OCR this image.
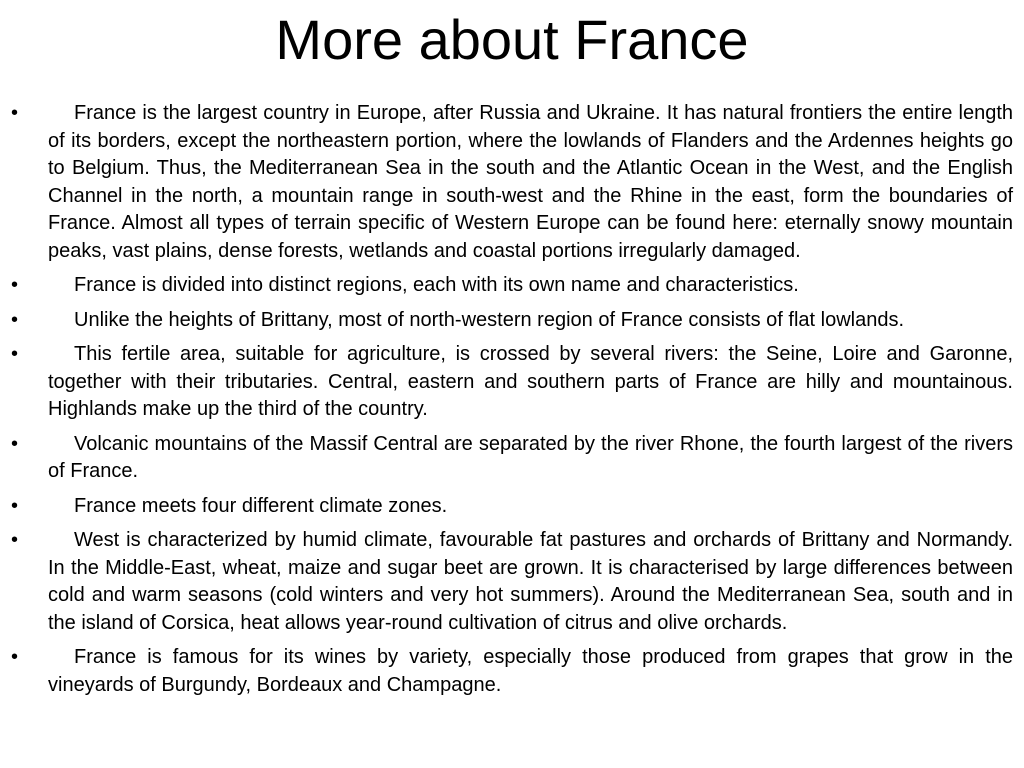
More about France
•	France is the largest country in Europe, after Russia and Ukraine. It has natural frontiers the entire length of its borders, except the northeastern portion, where the lowlands of Flanders and the Ardennes heights go to Belgium. Thus, the Mediterranean Sea in the south and the Atlantic Ocean in the West, and the English Channel in the north, a mountain range in south-west and the Rhine in the east, form the boundaries of France. Almost all types of terrain specific of Western Europe can be found here: eternally snowy mountain peaks, vast plains, dense forests, wetlands and coastal portions irregularly damaged.
•	France is divided into distinct regions, each with its own name and characteristics.
•	Unlike the heights of Brittany, most of north-western region of France consists of flat lowlands.
•	This fertile area, suitable for agriculture, is crossed by several rivers: the Seine, Loire and Garonne, together with their tributaries. Central, eastern and southern parts of France are hilly and mountainous. Highlands make up the third of the country.
•	Volcanic mountains of the Massif Central are separated by the river Rhone, the fourth largest of the rivers of France.
•	France meets four different climate zones.
•	West is characterized by humid climate, favourable fat pastures and orchards of Brittany and Normandy. In the Middle-East, wheat, maize and sugar beet are grown. It is characterised by large differences between cold and warm seasons (cold winters and very hot summers). Around the Mediterranean Sea, south and in the island of Corsica, heat allows year-round cultivation of citrus and olive orchards.
•	France is famous for its wines by variety, especially those produced from grapes that grow in the vineyards of Burgundy, Bordeaux and Champagne.
